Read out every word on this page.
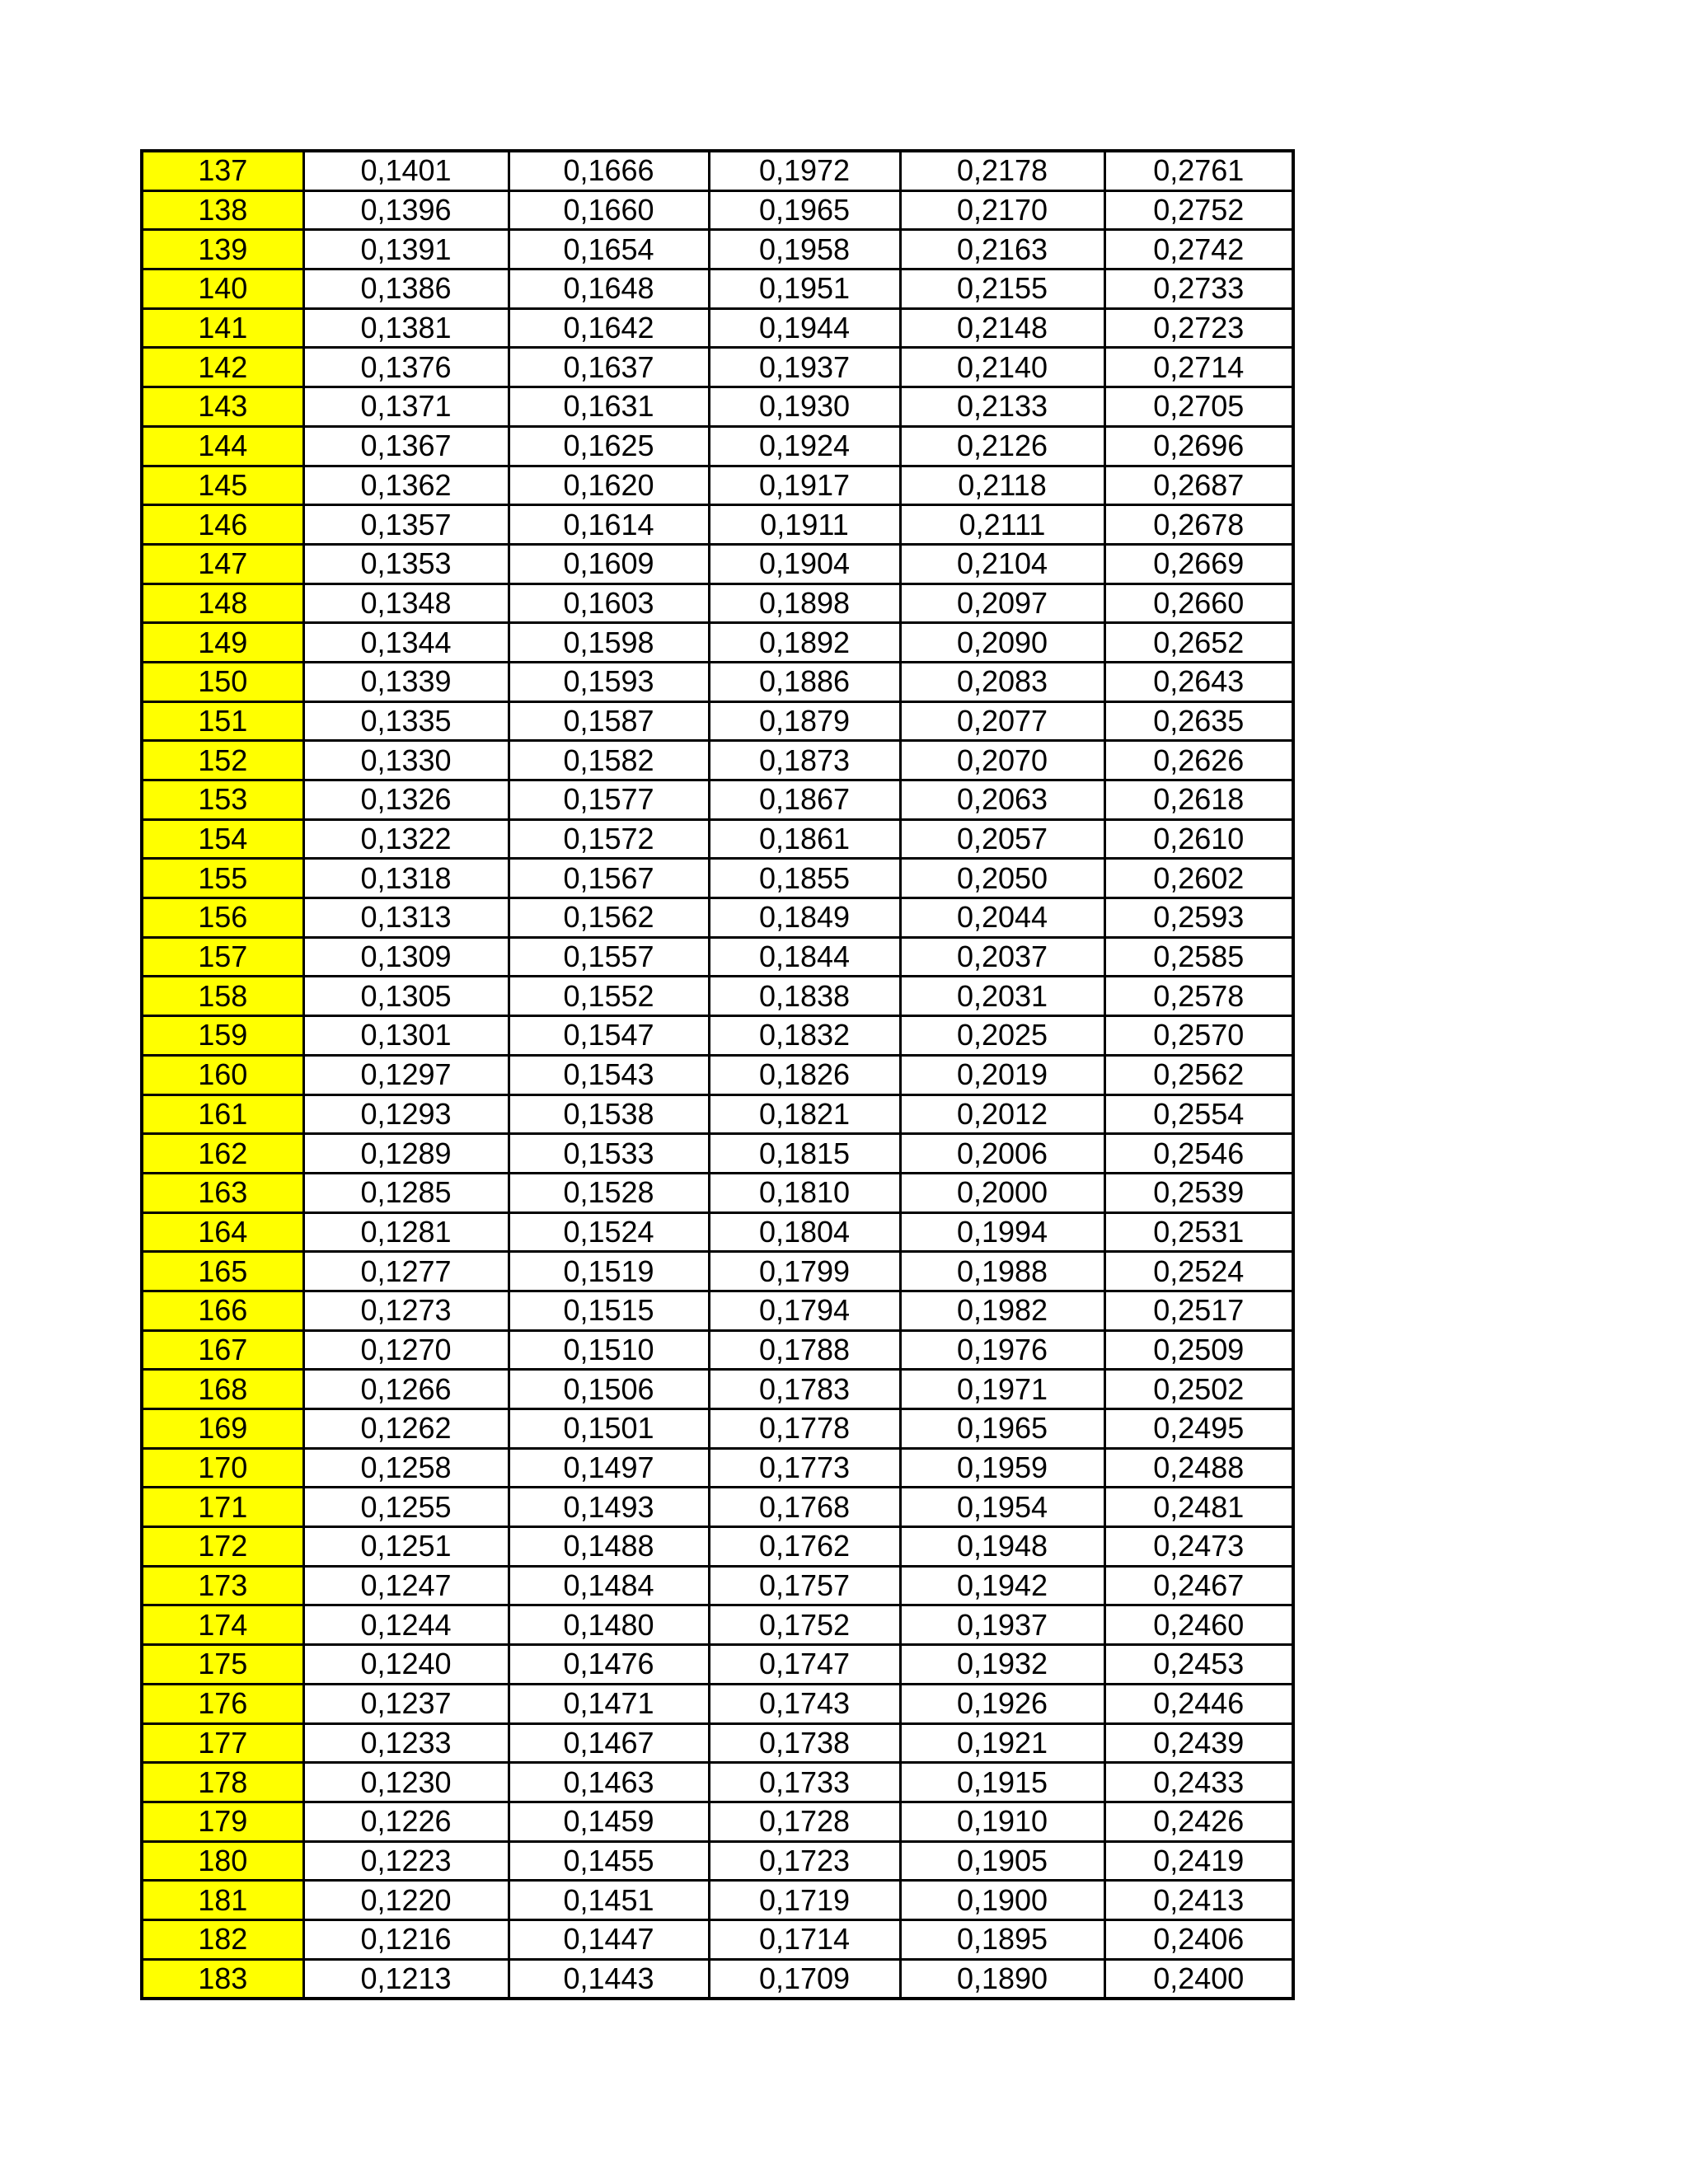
137	0,1401	0,1666	0,1972	0,2178	0,2761
138	0,1396	0,1660	0,1965	0,2170	0,2752
139	0,1391	0,1654	0,1958	0,2163	0,2742
140	0,1386	0,1648	0,1951	0,2155	0,2733
141	0,1381	0,1642	0,1944	0,2148	0,2723
142	0,1376	0,1637	0,1937	0,2140	0,2714
143	0,1371	0,1631	0,1930	0,2133	0,2705
144	0,1367	0,1625	0,1924	0,2126	0,2696
145	0,1362	0,1620	0,1917	0,2118	0,2687
146	0,1357	0,1614	0,1911	0,2111	0,2678
147	0,1353	0,1609	0,1904	0,2104	0,2669
148	0,1348	0,1603	0,1898	0,2097	0,2660
149	0,1344	0,1598	0,1892	0,2090	0,2652
150	0,1339	0,1593	0,1886	0,2083	0,2643
151	0,1335	0,1587	0,1879	0,2077	0,2635
152	0,1330	0,1582	0,1873	0,2070	0,2626
153	0,1326	0,1577	0,1867	0,2063	0,2618
154	0,1322	0,1572	0,1861	0,2057	0,2610
155	0,1318	0,1567	0,1855	0,2050	0,2602
156	0,1313	0,1562	0,1849	0,2044	0,2593
157	0,1309	0,1557	0,1844	0,2037	0,2585
158	0,1305	0,1552	0,1838	0,2031	0,2578
159	0,1301	0,1547	0,1832	0,2025	0,2570
160	0,1297	0,1543	0,1826	0,2019	0,2562
161	0,1293	0,1538	0,1821	0,2012	0,2554
162	0,1289	0,1533	0,1815	0,2006	0,2546
163	0,1285	0,1528	0,1810	0,2000	0,2539
164	0,1281	0,1524	0,1804	0,1994	0,2531
165	0,1277	0,1519	0,1799	0,1988	0,2524
166	0,1273	0,1515	0,1794	0,1982	0,2517
167	0,1270	0,1510	0,1788	0,1976	0,2509
168	0,1266	0,1506	0,1783	0,1971	0,2502
169	0,1262	0,1501	0,1778	0,1965	0,2495
170	0,1258	0,1497	0,1773	0,1959	0,2488
171	0,1255	0,1493	0,1768	0,1954	0,2481
172	0,1251	0,1488	0,1762	0,1948	0,2473
173	0,1247	0,1484	0,1757	0,1942	0,2467
174	0,1244	0,1480	0,1752	0,1937	0,2460
175	0,1240	0,1476	0,1747	0,1932	0,2453
176	0,1237	0,1471	0,1743	0,1926	0,2446
177	0,1233	0,1467	0,1738	0,1921	0,2439
178	0,1230	0,1463	0,1733	0,1915	0,2433
179	0,1226	0,1459	0,1728	0,1910	0,2426
180	0,1223	0,1455	0,1723	0,1905	0,2419
181	0,1220	0,1451	0,1719	0,1900	0,2413
182	0,1216	0,1447	0,1714	0,1895	0,2406
183	0,1213	0,1443	0,1709	0,1890	0,2400
